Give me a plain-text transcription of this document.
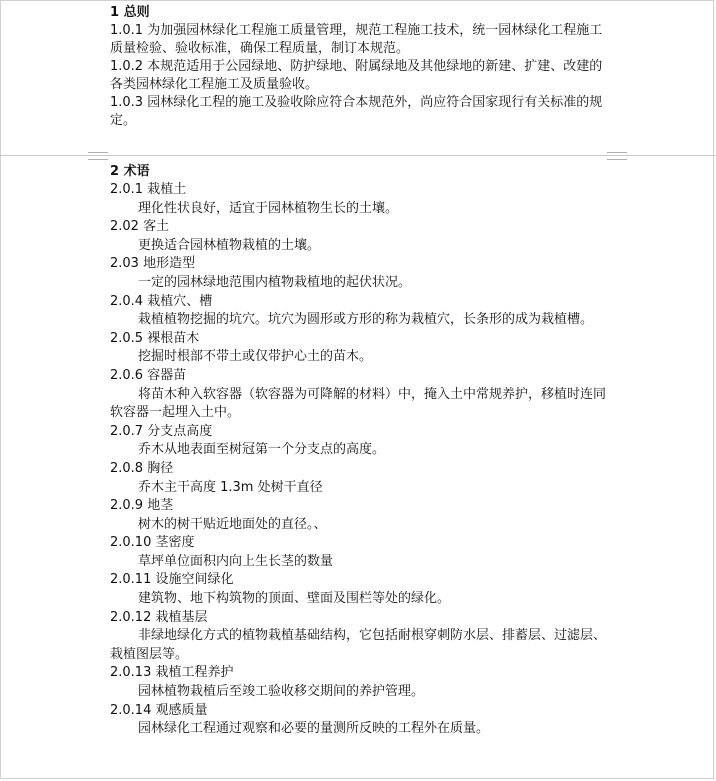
1 总则
1.0.1 为加强园林绿化工程施工质量管理，规范工程施工技术，统一园林绿化工程施工质量检验、验收标准，确保工程质量，制订本规范。
1.0.2 本规范适用于公园绿地、防护绿地、附属绿地及其他绿地的新建、扩建、改建的各类园林绿化工程施工及质量验收。
1.0.3 园林绿化工程的施工及验收除应符合本规范外，尚应符合国家现行有关标准的规定。
2 术语
2.0.1 栽植土
理化性状良好，适宜于园林植物生长的土壤。
2.02 客土
更换适合园林植物栽植的土壤。
2.03 地形造型
一定的园林绿地范围内植物栽植地的起伏状况。
2.0.4 栽植穴、槽
栽植植物挖掘的坑穴。坑穴为圆形或方形的称为栽植穴，长条形的成为栽植槽。
2.0.5 裸根苗木
挖掘时根部不带土或仅带护心土的苗木。
2.0.6 容器苗
将苗木种入软容器（软容器为可降解的材料）中，掩入土中常规养护，移植时连同软容器一起埋入土中。
2.0.7 分支点高度
乔木从地表面至树冠第一个分支点的高度。
2.0.8 胸径
乔木主干高度 1.3m 处树干直径
2.0.9 地茎
树木的树干贴近地面处的直径。、
2.0.10 茎密度
草坪单位面积内向上生长茎的数量
2.0.11 设施空间绿化
建筑物、地下构筑物的顶面、壁面及围栏等处的绿化。
2.0.12 栽植基层
非绿地绿化方式的植物栽植基础结构，它包括耐根穿刺防水层、排蓄层、过滤层、栽植图层等。
2.0.13 栽植工程养护
园林植物栽植后至竣工验收移交期间的养护管理。
2.0.14 观感质量
园林绿化工程通过观察和必要的量测所反映的工程外在质量。
